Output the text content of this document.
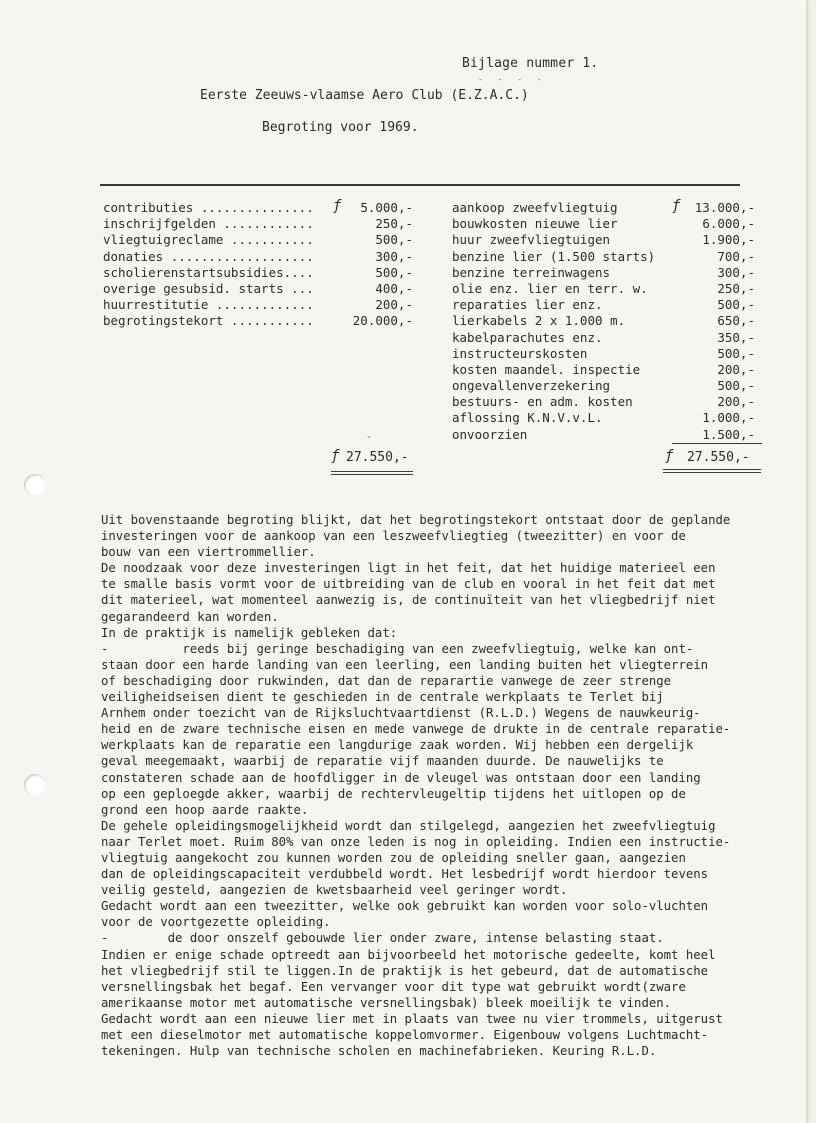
Bijlage nummer 1.
- - - -
Eerste Zeeuws-vlaamse Aero Club (E.Z.A.C.)
Begroting voor 1969.
ƒ
contributies ...............	5.000,-
inschrijfgelden ............	250,-
vliegtuigreclame ...........	500,-
donaties ...................	300,-
scholierenstartsubsidies....	500,-
overige gesubsid. starts ...	400,-
huurrestitutie .............	200,-
begrotingstekort ...........	20.000,-
ƒ
aankoop zweefvliegtuig	13.000,-
bouwkosten nieuwe lier	6.000,-
huur zweefvliegtuigen	1.900,-
benzine lier (1.500 starts)	700,-
benzine terreinwagens	300,-
olie enz. lier en terr. w.	250,-
reparaties lier enz.	500,-
lierkabels 2 x 1.000 m.	650,-
kabelparachutes enz.	350,-
instructeurskosten	500,-
kosten maandel. inspectie	200,-
ongevallenverzekering	500,-
bestuurs- en adm. kosten	200,-
aflossing K.N.V.v.L.	1.000,-
onvoorzien	1.500,-
-
ƒ 27.550,-	ƒ 27.550,-

Uit bovenstaande begroting blijkt, dat het begrotingstekort ontstaat door de geplande
investeringen voor de aankoop van een leszweefvliegtieg (tweezitter) en voor de
bouw van een viertrommellier.
De noodzaak voor deze investeringen ligt in het feit, dat het huidige materieel een
te smalle basis vormt voor de uitbreiding van de club en vooral in het feit dat met
dit materieel, wat momenteel aanwezig is, de continuïteit van het vliegbedrijf niet
gegarandeerd kan worden.
In de praktijk is namelijk gebleken dat:
-          reeds bij geringe beschadiging van een zweefvliegtuig, welke kan ont-
staan door een harde landing van een leerling, een landing buiten het vliegterrein
of beschadiging door rukwinden, dat dan de reparartie vanwege de zeer strenge
veiligheidseisen dient te geschieden in de centrale werkplaats te Terlet bij
Arnhem onder toezicht van de Rijksluchtvaartdienst (R.L.D.) Wegens de nauwkeurig-
heid en de zware technische eisen en mede vanwege de drukte in de centrale reparatie-
werkplaats kan de reparatie een langdurige zaak worden. Wij hebben een dergelijk
geval meegemaakt, waarbij de reparatie vijf maanden duurde. De nauwelijks te
constateren schade aan de hoofdligger in de vleugel was ontstaan door een landing
op een geploegde akker, waarbij de rechtervleugeltip tijdens het uitlopen op de
grond een hoop aarde raakte.
De gehele opleidingsmogelijkheid wordt dan stilgelegd, aangezien het zweefvliegtuig
naar Terlet moet. Ruim 80% van onze leden is nog in opleiding. Indien een instructie-
vliegtuig aangekocht zou kunnen worden zou de opleiding sneller gaan, aangezien
dan de opleidingscapaciteit verdubbeld wordt. Het lesbedrijf wordt hierdoor tevens
veilig gesteld, aangezien de kwetsbaarheid veel geringer wordt.
Gedacht wordt aan een tweezitter, welke ook gebruikt kan worden voor solo-vluchten
voor de voortgezette opleiding.
-        de door onszelf gebouwde lier onder zware, intense belasting staat.
Indien er enige schade optreedt aan bijvoorbeeld het motorische gedeelte, komt heel
het vliegbedrijf stil te liggen.In de praktijk is het gebeurd, dat de automatische
versnellingsbak het begaf. Een vervanger voor dit type wat gebruikt wordt(zware
amerikaanse motor met automatische versnellingsbak) bleek moeilijk te vinden.
Gedacht wordt aan een nieuwe lier met in plaats van twee nu vier trommels, uitgerust
met een dieselmotor met automatische koppelomvormer. Eigenbouw volgens Luchtmacht-
tekeningen. Hulp van technische scholen en machinefabrieken. Keuring R.L.D.
